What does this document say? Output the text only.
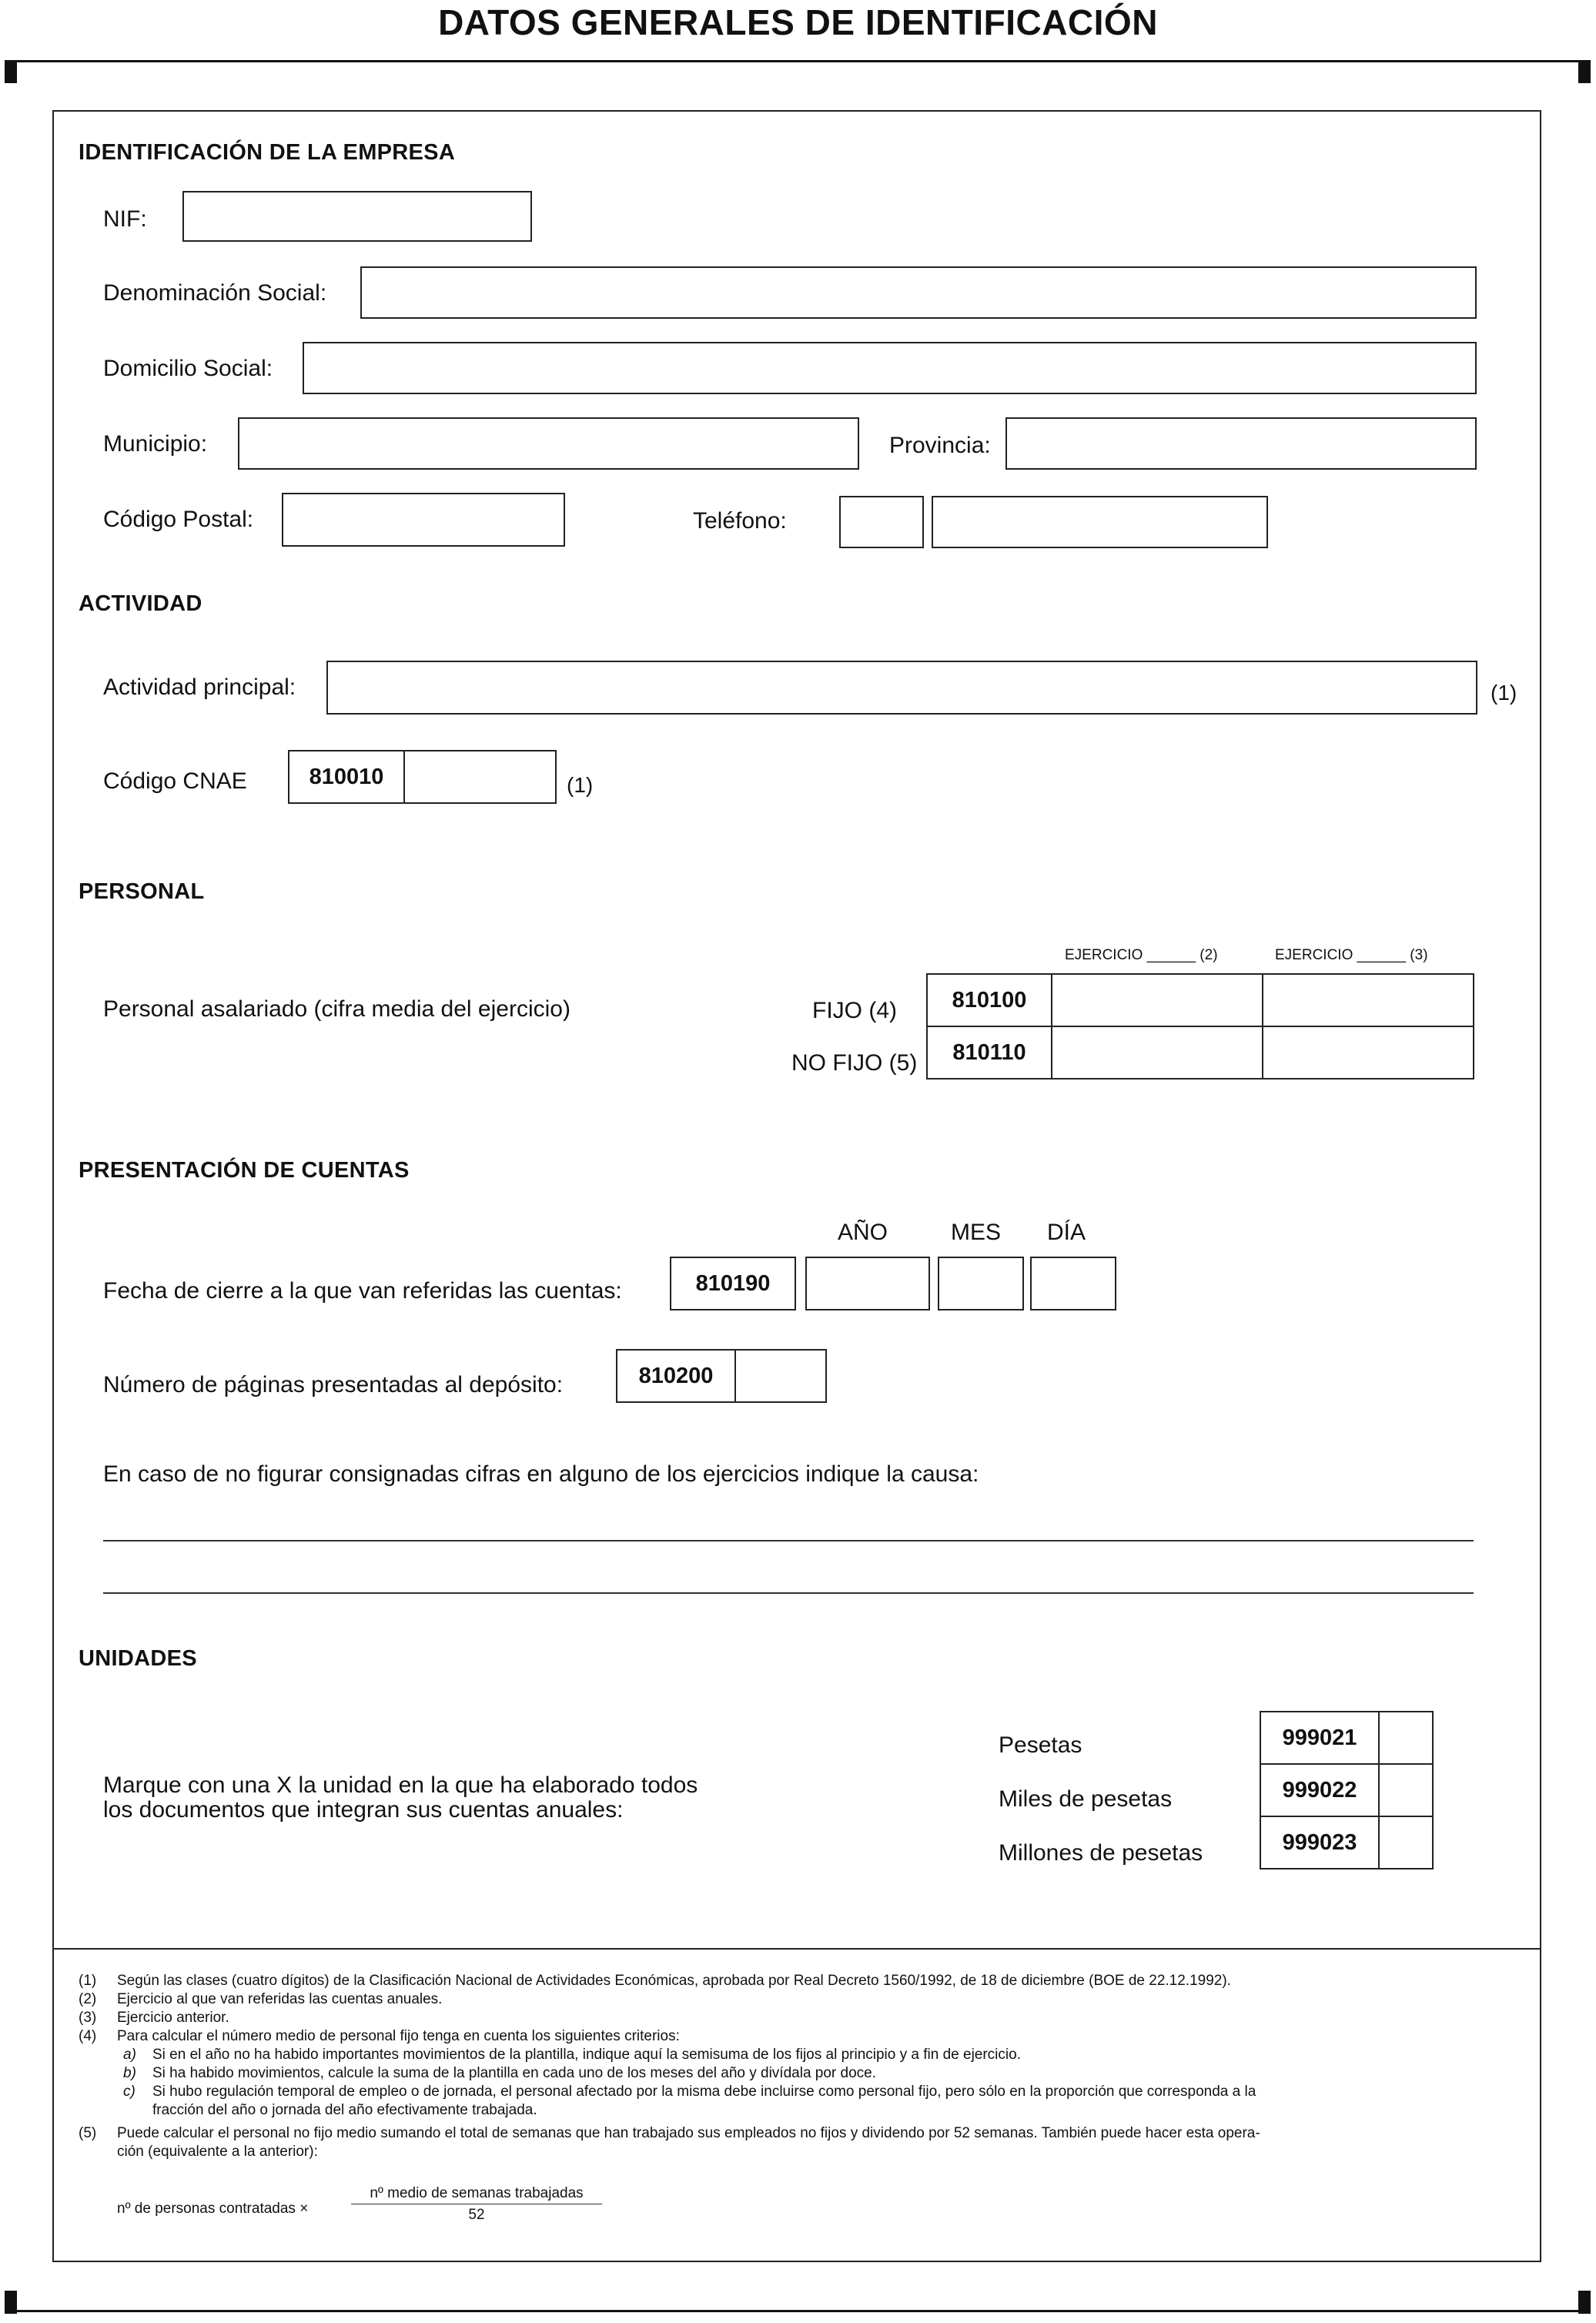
DATOS GENERALES DE IDENTIFICACIÓN
IDENTIFICACIÓN DE LA EMPRESA
NIF:
Denominación Social:
Domicilio Social:
Municipio:	Provincia:
Código Postal:	Teléfono:
ACTIVIDAD
Actividad principal:	(1)
Código CNAE	810010	(1)
PERSONAL
EJERCICIO ______ (2)	EJERCICIO ______ (3)
Personal asalariado (cifra media del ejercicio)	FIJO (4)	810100
NO FIJO (5)	810110
PRESENTACIÓN DE CUENTAS
AÑO	MES DÍA
Fecha de cierre a la que van referidas las cuentas:	810190
Número de páginas presentadas al depósito:	810200
En caso de no figurar consignadas cifras en alguno de los ejercicios indique la causa:
UNIDADES
Marque con una X la unidad en la que ha elaborado todos
los documentos que integran sus cuentas anuales:
Pesetas	999021
Miles de pesetas	999022
Millones de pesetas	999023
(1) Según las clases (cuatro dígitos) de la Clasificación Nacional de Actividades Económicas, aprobada por Real Decreto 1560/1992, de 18 de diciembre (BOE de 22.12.1992).
(2) Ejercicio al que van referidas las cuentas anuales.
(3) Ejercicio anterior.
(4) Para calcular el número medio de personal fijo tenga en cuenta los siguientes criterios:
a) Si en el año no ha habido importantes movimientos de la plantilla, indique aquí la semisuma de los fijos al principio y a fin de ejercicio.
b) Si ha habido movimientos, calcule la suma de la plantilla en cada uno de los meses del año y divídala por doce.
c) Si hubo regulación temporal de empleo o de jornada, el personal afectado por la misma debe incluirse como personal fijo, pero sólo en la proporción que corresponda a la
fracción del año o jornada del año efectivamente trabajada.
(5) Puede calcular el personal no fijo medio sumando el total de semanas que han trabajado sus empleados no fijos y dividendo por 52 semanas. También puede hacer esta opera-
ción (equivalente a la anterior):
nº de personas contratadas ×
nº medio de semanas trabajadas
52
